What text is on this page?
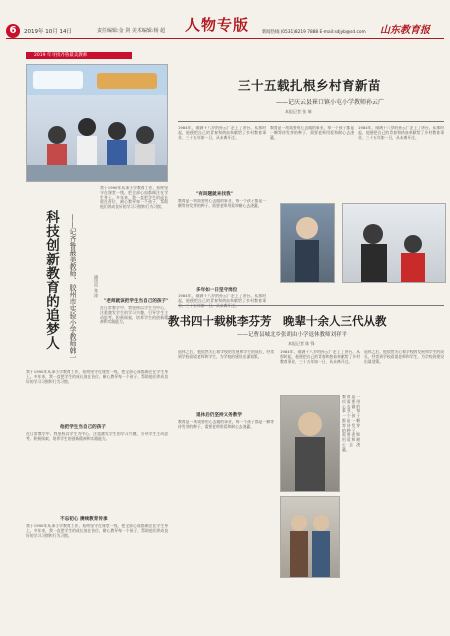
6	2019年 10月 14日	责任编辑:金 剑 美术编辑:杨 超 人物专版	新闻热线:(0531)8219 7888 E-mail:sdjyb@sd.com 山东教育报
2019 年寻找齐鲁最美教师
科技创新教育的追梦人 ——记齐鲁最美教师、胶州市实验小学教师韩一	通讯员 张 涛
我于1990年从事小学教育工作，始终坚守在课堂一线，把全部心血都倾注在学生身上。多年来，我一直把学生的成长放在首位，耐心教导每一个孩子，帮助他们养成良好的学习习惯和行为习惯。
"老师就该把学生当自己的孩子"
在日常教学中，我坚持以学生为中心，注重激发学生的学习兴趣，引导学生主动思考、积极探索，培养学生的创新精神和实践能力。
我于1990年从事小学教育工作，始终坚守在课堂一线，把全部心血都倾注在学生身上。多年来，我一直把学生的成长放在首位，耐心教导每一个孩子，帮助他们养成良好的学习习惯和行为习惯。
他把学生当自己的孩子
在日常教学中，我坚持以学生为中心，注重激发学生的学习兴趣，引导学生主动思考、积极探索，培养学生的创新精神和实践能力。
不忘初心 赓续教育传承
我于1990年从事小学教育工作，始终坚守在课堂一线，把全部心血都倾注在学生身上。多年来，我一直把学生的成长放在首位，耐心教导每一个孩子，帮助他们养成良好的学习习惯和行为习惯。
三十五载扎根乡村育新苗
——记庆云县崔口镇小屯小学教师孙云广
本报记者 张 瑞
1984年，刚满十八岁的孙云广走上了讲台。从那时起，他便把自己的青春和热血奉献给了乡村教育事业，三十五年如一日，从未离开过。
"有间题就来找我"
教育是一项需要用心去做的事业，每一个孩子都是一颗等待发芽的种子，需要老师用爱和耐心去浇灌。
多年如一日坚守岗位
1984年，刚满十八岁的孙云广走上了讲台。从那时起，他便把自己的青春和热血奉献给了乡村教育事
教育是一项需要用心去做的事业，每一个孩子都是一颗等待发芽的种子，需要老师用爱和耐心去浇灌。
1984年，刚满十八岁的孙云广走上了讲台。从那时起，他便把自己的青春和热血奉献给了乡村教育事业，三十五年如一日，从未离开过。
教书四十载桃李芬芳　晚辈十余人三代从教
——记曹县城北乡张胡由小学退休教师刘祥平
本报记者 陈 锋
退休之后，他依然关心着学校的发展和学生的成长，经常到学校看望老师和学生，为学校的建设出谋划策。
退休后仍坚持义务教学
教育是一项需要用心去做的事业，每一个孩子都是一颗等待发芽的种子，需要老师用爱和耐心去浇灌。
1984年，刚满十八岁的孙云广走上了讲台。从那时起，他便把自己的青春和热血奉献给了乡村教育事业，三十五年如一日，从未离开过。
退休之后，他依然关心着学校的发展和学生的成长，经常到学校看望老师和学生，为学校的建设出谋划策。
教育是一项需要用心去做的事业，每一个孩子都是一颗等待发芽的种子，需要老师用爱和耐心去浇灌。
